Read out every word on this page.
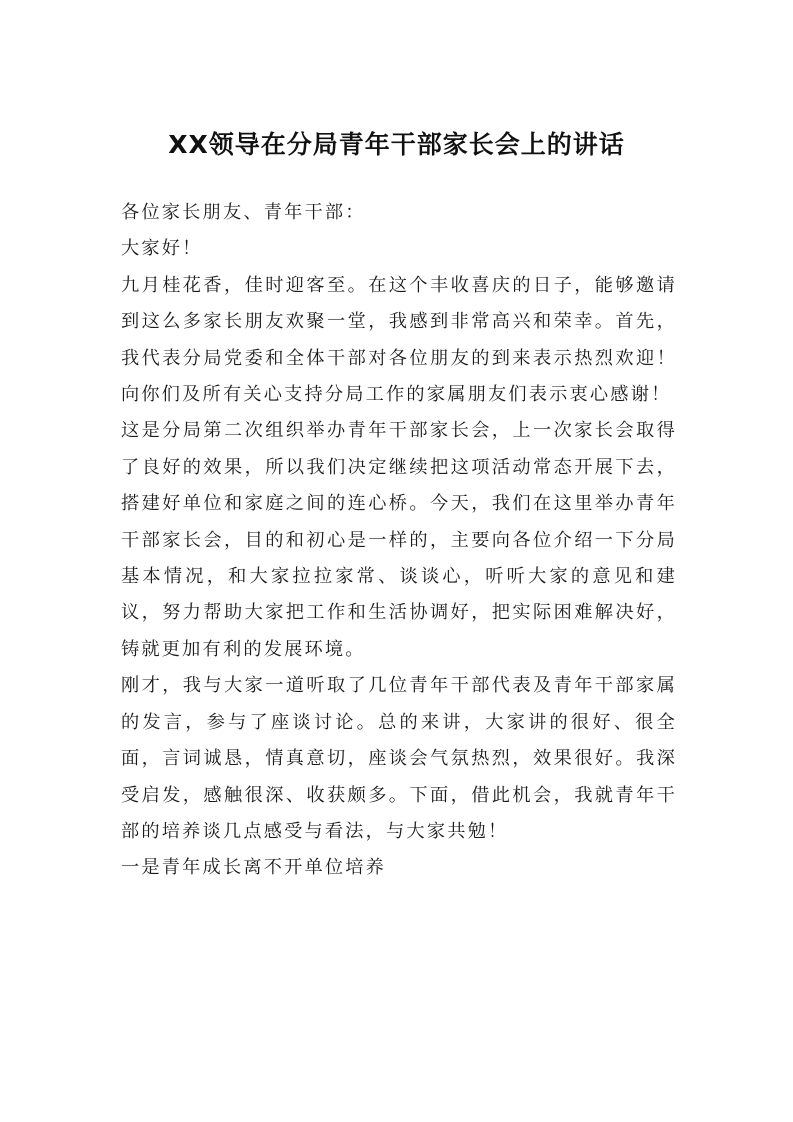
XX领导在分局青年干部家长会上的讲话

各位家长朋友、青年干部：

大家好！

九月桂花香，佳时迎客至。在这个丰收喜庆的日子，能够邀请到这么多家长朋友欢聚一堂，我感到非常高兴和荣幸。首先，我代表分局党委和全体干部对各位朋友的到来表示热烈欢迎！向你们及所有关心支持分局工作的家属朋友们表示衷心感谢！

这是分局第二次组织举办青年干部家长会，上一次家长会取得了良好的效果，所以我们决定继续把这项活动常态开展下去，搭建好单位和家庭之间的连心桥。今天，我们在这里举办青年干部家长会，目的和初心是一样的，主要向各位介绍一下分局基本情况，和大家拉拉家常、谈谈心，听听大家的意见和建议，努力帮助大家把工作和生活协调好，把实际困难解决好，铸就更加有利的发展环境。

刚才，我与大家一道听取了几位青年干部代表及青年干部家属的发言，参与了座谈讨论。总的来讲，大家讲的很好、很全面，言词诚恳，情真意切，座谈会气氛热烈，效果很好。我深受启发，感触很深、收获颇多。下面，借此机会，我就青年干部的培养谈几点感受与看法，与大家共勉！

一是青年成长离不开单位培养
